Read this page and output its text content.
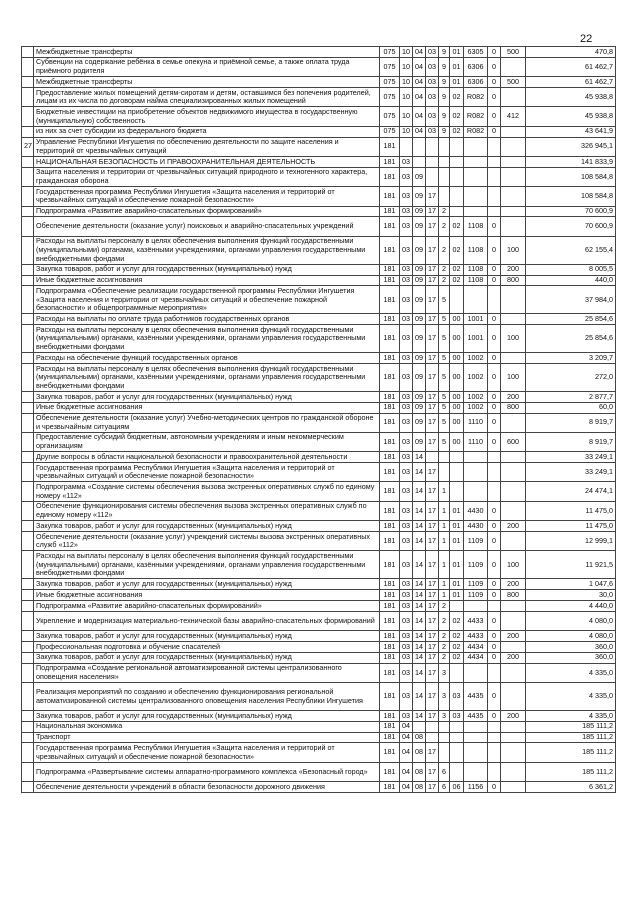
22
	Межбюджетные трансферты	075	10	04	03	9	01	6305	0	500	470,8
	Субвенции на содержание ребёнка в семье опекуна и приёмной семье, а также оплата труда приёмного родителя	075	10	04	03	9	01	6306	0		61 462,7
	Межбюджетные трансферты	075	10	04	03	9	01	6306	0	500	61 462,7
	Предоставление жилых помещений детям-сиротам и детям, оставшимся без попечения родителей, лицам из их числа по договорам найма специализированных жилых помещений	075	10	04	03	9	02	R082	0		45 938,8
	Бюджетные инвестиции на приобретение объектов недвижимого имущества в государственную (муниципальную) собственность	075	10	04	03	9	02	R082	0	412	45 938,8
	из них за счет субсидии из федерального бюджета	075	10	04	03	9	02	R082	0		43 641,9
27	Управление Республики Ингушетия по обеспечению деятельности по защите населения и территорий от чрезвычайных ситуаций	181									326 945,1
	НАЦИОНАЛЬНАЯ БЕЗОПАСНОСТЬ И ПРАВООХРАНИТЕЛЬНАЯ ДЕЯТЕЛЬНОСТЬ	181	03								141 833,9
	Защита населения и территории от чрезвычайных ситуаций природного и техногенного характера, гражданская оборона	181	03	09							108 584,8
	Государственная программа Республики Ингушетия «Защита населения и территорий от чрезвычайных ситуаций и обеспечение пожарной безопасности»	181	03	09	17						108 584,8
	Подпрограмма «Развитие аварийно-спасательных формирований»	181	03	09	17	2					70 600,9
	Обеспечение деятельности (оказание услуг) поисковых и аварийно-спасательных учреждений	181	03	09	17	2	02	1108	0		70 600,9
	Расходы на выплаты персоналу в целях обеспечения выполнения функций государственными (муниципальными) органами, казёнными учреждениями, органами управления государственными внебюджетными фондами	181	03	09	17	2	02	1108	0	100	62 155,4
	Закупка товаров, работ и услуг для государственных (муниципальных) нужд	181	03	09	17	2	02	1108	0	200	8 005,5
	Иные бюджетные ассигнования	181	03	09	17	2	02	1108	0	800	440,0
	Подпрограмма «Обеспечение реализации государственной программы Республики Ингушетия «Защита населения и территории от чрезвычайных ситуаций и обеспечение пожарной безопасности» и общепрограммные мероприятия»	181	03	09	17	5					37 984,0
	Расходы на выплаты по оплате труда работников государственных органов	181	03	09	17	5	00	1001	0		25 854,6
	Расходы на выплаты персоналу в целях обеспечения выполнения функций государственными (муниципальными) органами, казёнными учреждениями, органами управления государственными внебюджетными фондами	181	03	09	17	5	00	1001	0	100	25 854,6
	Расходы на обеспечение функций государственных органов	181	03	09	17	5	00	1002	0		3 209,7
	Расходы на выплаты персоналу в целях обеспечения выполнения функций государственными (муниципальными) органами, казёнными учреждениями, органами управления государственными внебюджетными фондами	181	03	09	17	5	00	1002	0	100	272,0
	Закупка товаров, работ и услуг для государственных (муниципальных) нужд	181	03	09	17	5	00	1002	0	200	2 877,7
	Иные бюджетные ассигнования	181	03	09	17	5	00	1002	0	800	60,0
	Обеспечение деятельности (оказание услуг) Учебно-методических центров по гражданской обороне и чрезвычайным ситуациям	181	03	09	17	5	00	1110	0		8 919,7
	Предоставление субсидий бюджетным, автономным учреждениям и иным некоммерческим организациям	181	03	09	17	5	00	1110	0	600	8 919,7
	Другие вопросы в области национальной безопасности и правоохранительной деятельности	181	03	14							33 249,1
	Государственная программа Республики Ингушетия «Защита населения и территорий от чрезвычайных ситуаций и обеспечение пожарной безопасности»	181	03	14	17						33 249,1
	Подпрограмма «Создание системы обеспечения вызова экстренных оперативных служб по единому номеру «112»	181	03	14	17	1					24 474,1
	Обеспечение функционирования системы обеспечения вызова экстренных оперативных служб по единому номеру «112»	181	03	14	17	1	01	4430	0		11 475,0
	Закупка товаров, работ и услуг для государственных (муниципальных) нужд	181	03	14	17	1	01	4430	0	200	11 475,0
	Обеспечение деятельности (оказание услуг) учреждений системы вызова экстренных оперативных служб «112»	181	03	14	17	1	01	1109	0		12 999,1
	Расходы на выплаты персоналу в целях обеспечения выполнения функций государственными (муниципальными) органами, казёнными учреждениями, органами управления государственными внебюджетными фондами	181	03	14	17	1	01	1109	0	100	11 921,5
	Закупка товаров, работ и услуг для государственных (муниципальных) нужд	181	03	14	17	1	01	1109	0	200	1 047,6
	Иные бюджетные ассигнования	181	03	14	17	1	01	1109	0	800	30,0
	Подпрограмма «Развитие аварийно-спасательных формирований»	181	03	14	17	2					4 440,0
	Укрепление и модернизация материально-технической базы аварийно-спасательных формирований	181	03	14	17	2	02	4433	0		4 080,0
	Закупка товаров, работ и услуг для государственных (муниципальных) нужд	181	03	14	17	2	02	4433	0	200	4 080,0
	Профессиональная подготовка и обучение спасателей	181	03	14	17	2	02	4434	0		360,0
	Закупка товаров, работ и услуг для государственных (муниципальных) нужд	181	03	14	17	2	02	4434	0	200	360,0
	Подпрограмма «Создание региональной автоматизированной системы централизованного оповещения населения»	181	03	14	17	3					4 335,0
	Реализация мероприятий по созданию и обеспечению функционирования региональной автоматизированной системы централизованного оповещения населения Республики Ингушетия	181	03	14	17	3	03	4435	0		4 335,0
	Закупка товаров, работ и услуг для государственных (муниципальных) нужд	181	03	14	17	3	03	4435	0	200	4 335,0
	Национальная экономика	181	04								185 111,2
	Транспорт	181	04	08							185 111,2
	Государственная программа Республики Ингушетия «Защита населения и территорий от чрезвычайных ситуаций и обеспечение пожарной безопасности»	181	04	08	17						185 111,2
	Подпрограмма «Развертывание системы аппаратно-программного комплекса «Безопасный город»	181	04	08	17	6					185 111,2
	Обеспечение деятельности учреждений в области безопасности дорожного движения	181	04	08	17	6	06	1156	0		6 361,2
